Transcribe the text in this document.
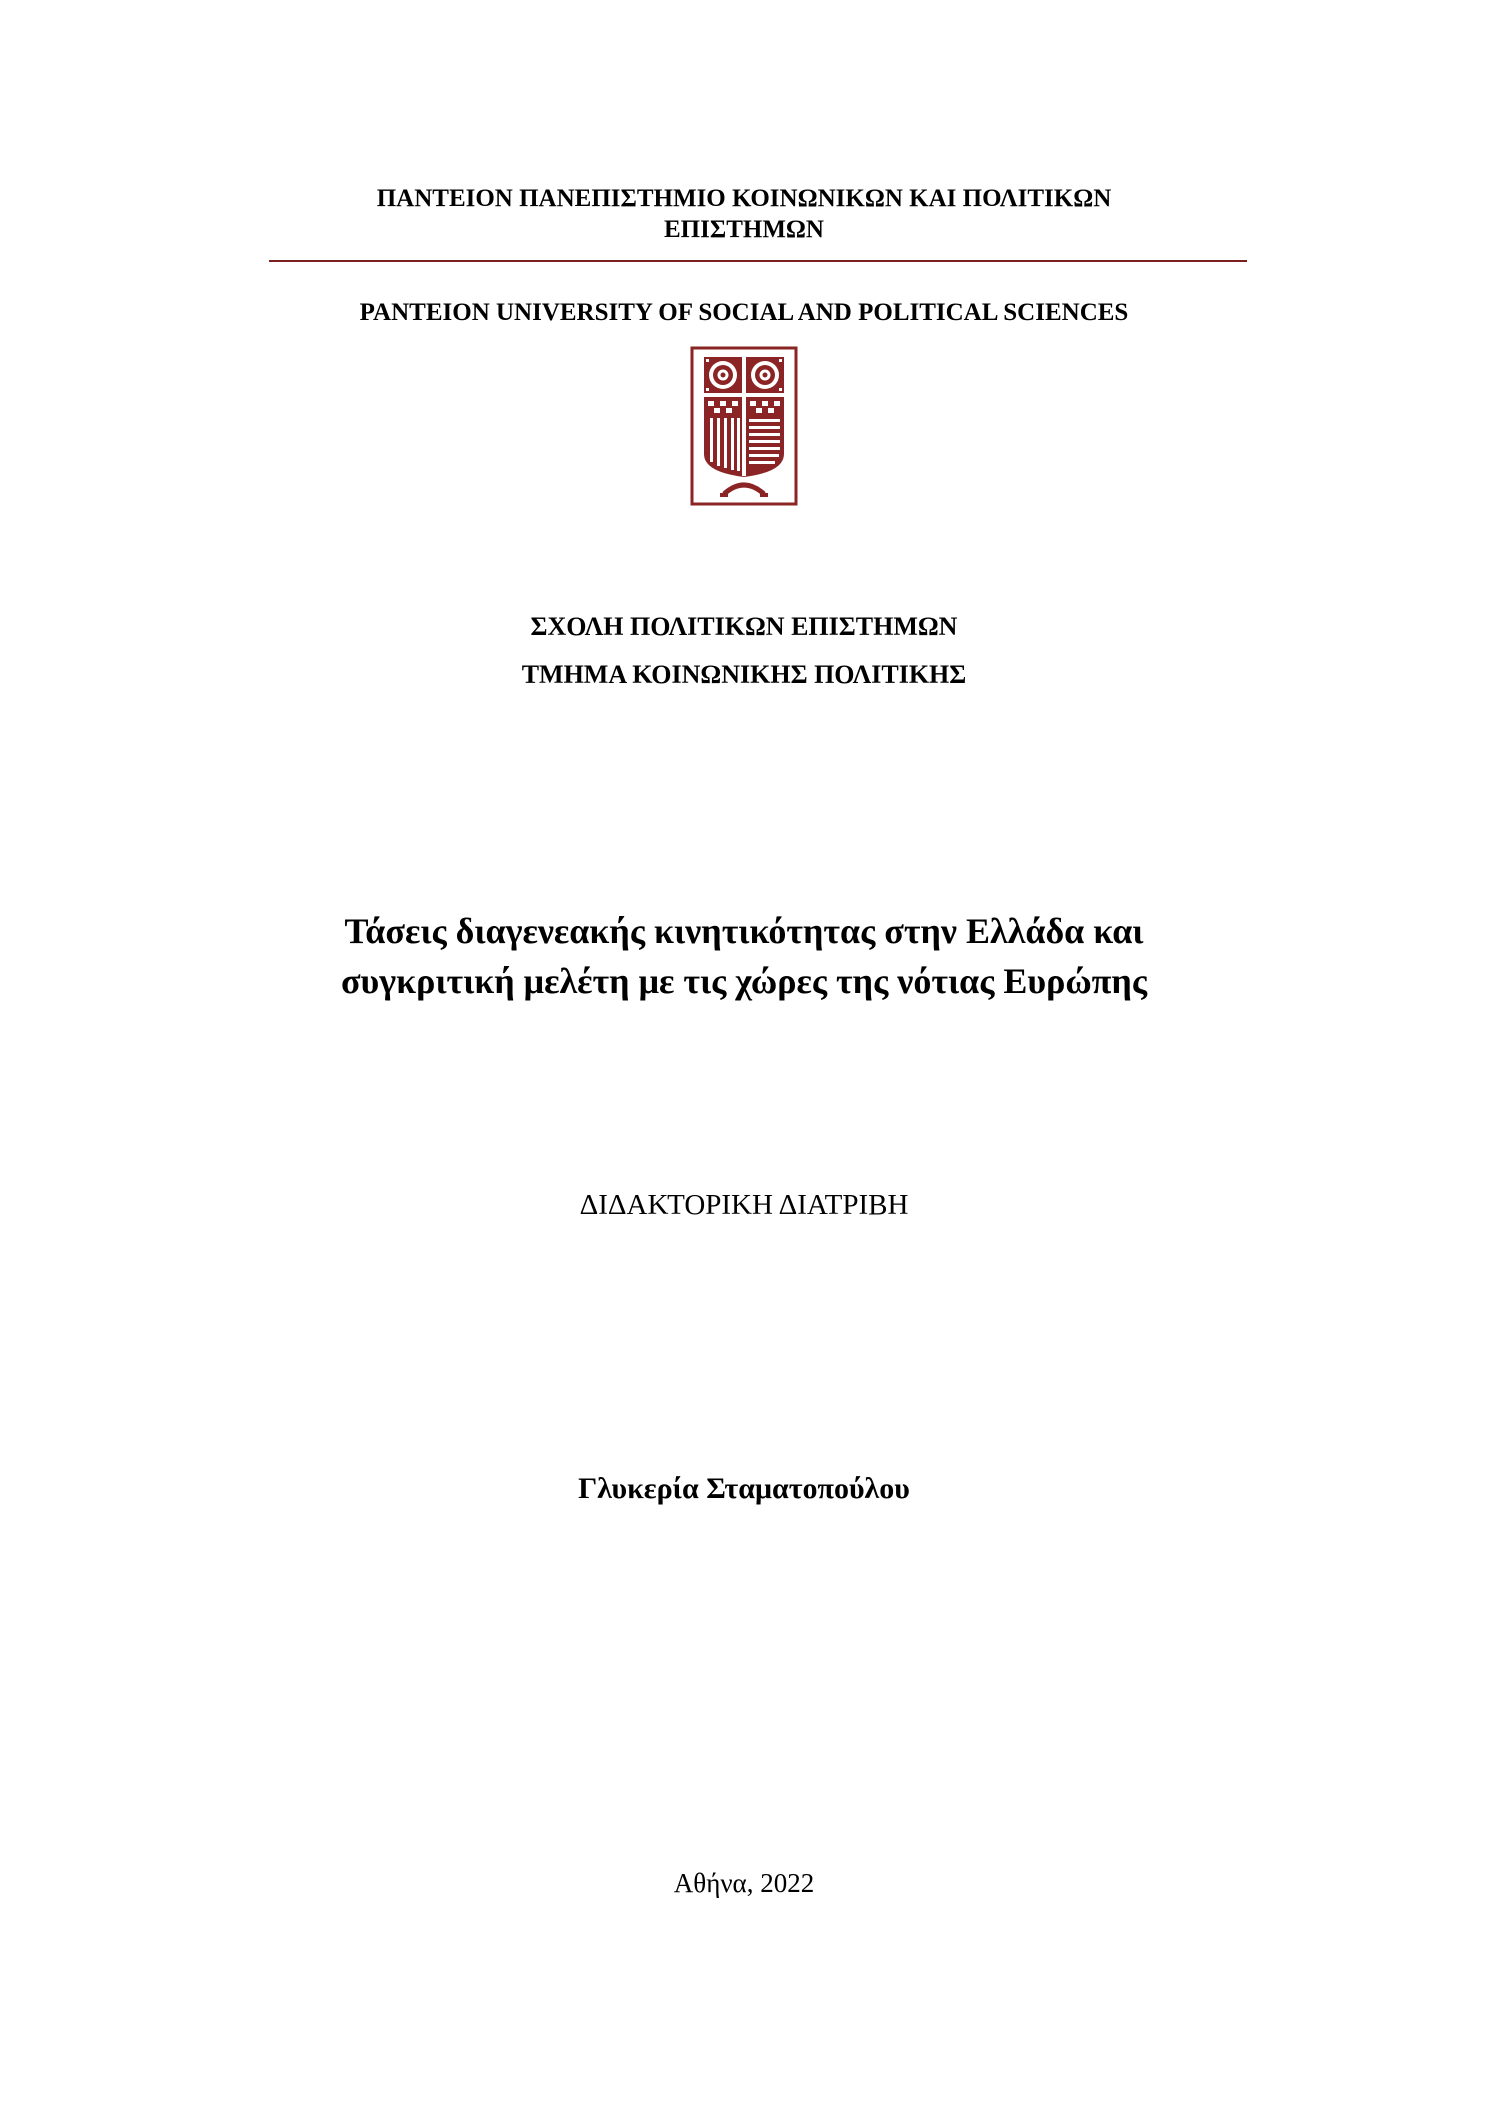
ΠΑΝΤΕΙΟΝ ΠΑΝΕΠΙΣΤΗΜΙΟ ΚΟΙΝΩΝΙΚΩΝ ΚΑΙ ΠΟΛΙΤΙΚΩΝ
ΕΠΙΣΤΗΜΩΝ
PANTEION UNIVERSITY OF SOCIAL AND POLITICAL SCIENCES
ΣΧΟΛΗ ΠΟΛΙΤΙΚΩΝ ΕΠΙΣΤΗΜΩΝ
ΤΜΗΜΑ ΚΟΙΝΩΝΙΚΗΣ ΠΟΛΙΤΙΚΗΣ
Τάσεις διαγενεακής κινητικότητας στην Ελλάδα και
συγκριτική μελέτη με τις χώρες της νότιας Ευρώπης
ΔΙΔΑΚΤΟΡΙΚΗ ΔΙΑΤΡΙΒΗ
Γλυκερία Σταματοπούλου
Αθήνα, 2022
